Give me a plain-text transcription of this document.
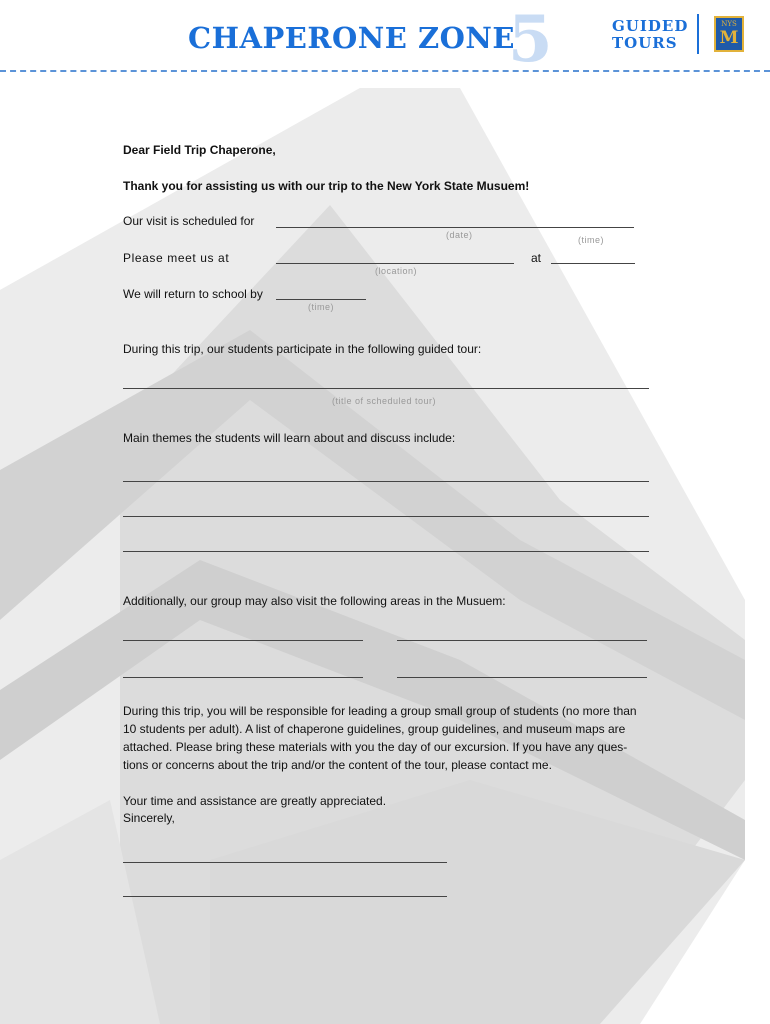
5
CHAPERONE ZONE	GUIDED
TOURS
NYS
M
Dear Field Trip Chaperone,
Thank you for assisting us with our trip to the New York State Musuem!
Our visit is scheduled for
(date)	(time)
Please meet us at	at
(location)
We will return to school by
(time)
During this trip, our students participate in the following guided tour:
(title of scheduled tour)
Main themes the students will learn about and discuss include:
Additionally, our group may also visit the following areas in the Musuem:
During this trip, you will be responsible for leading a group small group of students (no more than
10 students per adult). A list of chaperone guidelines, group guidelines, and museum maps are
attached. Please bring these materials with you the day of our excursion. If you have any ques-
tions or concerns about the trip and/or the content of the tour, please contact me.
Your time and assistance are greatly appreciated.
Sincerely,
